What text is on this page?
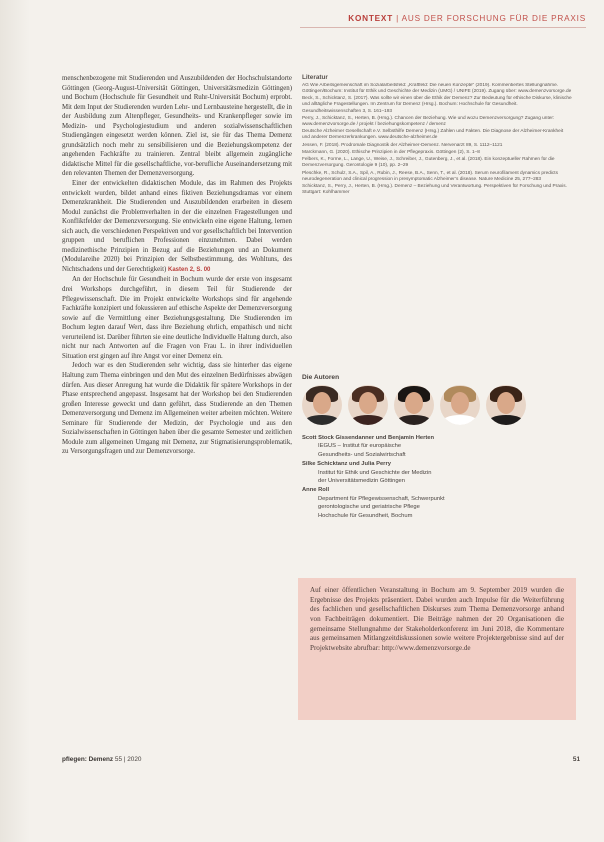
KONTEXT | AUS DER FORSCHUNG FÜR DIE PRAXIS

menschenbezogene mit Studierenden und Auszubildenden der Hochschulstandorte Göttingen (Georg-August-Universität Göttingen, Universitätsmedizin Göttingen) und Bochum (Hochschule für Gesundheit und Ruhr-Universität Bochum) erprobt. Mit dem Input der Studierenden wurden Lehr- und Lernbausteine hergestellt, die in der Ausbildung zum Altenpfleger, Gesundheits- und Krankenpfleger sowie im Medizin- und Psychologiestudium und anderen sozialwissenschaftlichen Studiengängen eingesetzt werden können. Ziel ist, sie für das Thema Demenz grundsätzlich noch mehr zu sensibilisieren und die Beziehungskompetenz der angehenden Fachkräfte zu trainieren. Zentral bleibt allgemein zugängliche didaktische Mittel für die gesellschaftliche, vor-berufliche Auseinandersetzung mit den relevanten Themen der Demenzversorgung.

Einer der entwickelten didaktischen Module, das im Rahmen des Projekts entwickelt wurden, bildet anhand eines fiktiven Beziehungsdramas vor einem Demenzkrankheit. Die Studierenden und Auszubildenden erarbeiten in diesem Modul zunächst die Problemverhalten in der die einzelnen Fragestellungen und Konfliktfelder der Demenzversorgung. Sie entwickeln eine eigene Haltung, lernen sich auch, die verschiedenen Perspektiven und vor gesellschaftlich bei Intervention gruppen und beruflichen Professionen einzunehmen. Dabei werden medizinethische Prinzipien in Bezug auf die Beziehungen und an Dokument (Modulareihe 2020) bei Prinzipien der Selbstbestimmung, des Wohltuns, des Nichtschadens und der Gerechtigkeit) Kasten 2, S. 00

An der Hochschule für Gesundheit in Bochum wurde der erste von insgesamt drei Workshops durchgeführt, in diesem Teil für Studierende der Pflegewissenschaft. Die im Projekt entwickelte Workshops sind für angehende Fachkräfte konzipiert und fokussieren auf ethische Aspekte der Demenzversorgung sowie auf die Vermittlung einer Beziehungsgestaltung. Die Studierenden im Bochum legten darauf Wert, dass ihre Beziehung ehrlich, empathisch und nicht verurteilend ist. Darüber führten sie eine deutliche Individuelle Haltung durch, also nicht nur nach Antworten auf die Fragen von Frau L. in ihrer individuellen Situation erst gingen auf ihre Angst vor einer Demenz ein.

Jedoch war es den Studierenden sehr wichtig, dass sie hinterher das eigene Haltung zum Thema einbringen und den Mut des einzelnen Bedürfnisses abwägen dürfen. Aus dieser Anregung hat wurde die Didaktik für spätere Workshops in der Phase entsprechend angepasst. Insgesamt hat der Workshop bei den Studierenden großen Interesse geweckt und dann geführt, dass Studierende an den Themen Demenzversorgung und Demenz im Allgemeinen weiter arbeiten möchten. Weitere Seminare für Studierende der Medizin, der Psychologie und aus den Sozialwissenschaften in Göttingen haben über die gesamte Semester und zeitlichen Module zum allgemeinen Umgang mit Demenz, zur Stigmatisierungsproblematik, zu Versorgungsfragen und zur Demenzvorsorge.

Literatur
AG Wie Arbeitsgemeinschaft im Sozialarbeitsfeld: „Kraftfeld: Die neuen Konzepte“ (2019). Kommentiertes Stellungnahme. Göttingen/Bochum: Institut für Ethik und Geschichte der Medizin (UMG) / UNIFE (2019). Zugang über: www.demenzvorsorge.de
Beck, S., Schicktanz, S. (2017). Was sollte wir einen über die Ethik der Demenz? Zur Bedeutung für ethische Diskurse, klinische und alltägliche Fragestellungen. Im Zentrum für Demenz (Hrsg.). Bochum: Hochschule für Gesundheit. Gesundheitswissenschaften 3, S. 161–193
Perry, J., Schicktanz, S., Herten, B. (Hrsg.). Chancen der Beziehung. Wie und wozu Demenzversorgung? Zugang unter: www.demenzvorsorge.de / projekt / beziehungskompetenz / demenz
Deutsche Alzheimer Gesellschaft e.V. Selbsthilfe Demenz (Hrsg.) Zahlen und Fakten. Die Diagnose der Alzheimer-Krankheit und anderer Demenzerkrankungen. www.deutsche-alzheimer.de
Jessen, F. (2018). Prodromale Diagnostik der Alzheimer-Demenz. Nervenarzt 89, S. 1112–1121
Marckmann, G. (2020). Ethische Prinzipien in der Pflegepraxis. Göttingen (2), S. 1–8
Felbers, K., Forme, L., Lange, U., Weise, J., Schreiber, J., Gutenberg, J., et al. (2018). Ein konzeptueller Rahmen für die Demenzversorgung. Gerontologie 9 (10), pp. 2–29
Pleschke, R., Schulz, S.A., Spil, A., Rubin, J., Reese, B.A., Senn, T., et al. (2018). Serum neurofilament dynamics predicts neurodegeneration and clinical progression in presymptomatic Alzheimer’s disease. Nature Medicine 25, 277–283
Schicktanz, S., Perry, J., Herten, B. (Hrsg.). Demenz – Beziehung und Verantwortung. Perspektiven für Forschung und Praxis. Stuttgart: Kohlhammer
Die Autoren
Scott Stock Gissendanner und Benjamin Herten
IEGUS – Institut für europäische
Gesundheits- und Sozialwirtschaft
Silke Schicktanz und Julia Perry
Institut für Ethik und Geschichte der Medizin
der Universitätsmedizin Göttingen
Anne Roll
Department für Pflegewissenschaft, Schwerpunkt
gerontologische und geriatrische Pflege
Hochschule für Gesundheit, Bochum

Auf einer öffentlichen Veranstaltung in Bochum am 9. September 2019 wurden die Ergebnisse des Projekts präsentiert. Dabei wurden auch Impulse für die Weiterführung des fachlichen und gesellschaftlichen Diskurses zum Thema Demenzvorsorge anhand von Fachbeiträgen dokumentiert. Die Beiträge nahmen der 20 Organisationen die gemeinsame Stellungnahme der Stakeholderkonferenz im Juni 2018, die Kommentare aus gemeinsamen Mitlangzeitdiskussionen sowie weitere Projektergebnisse sind auf der Projektwebsite abrufbar: http://www.demenzvorsorge.de

pflegen: Demenz 55 | 2020	51
